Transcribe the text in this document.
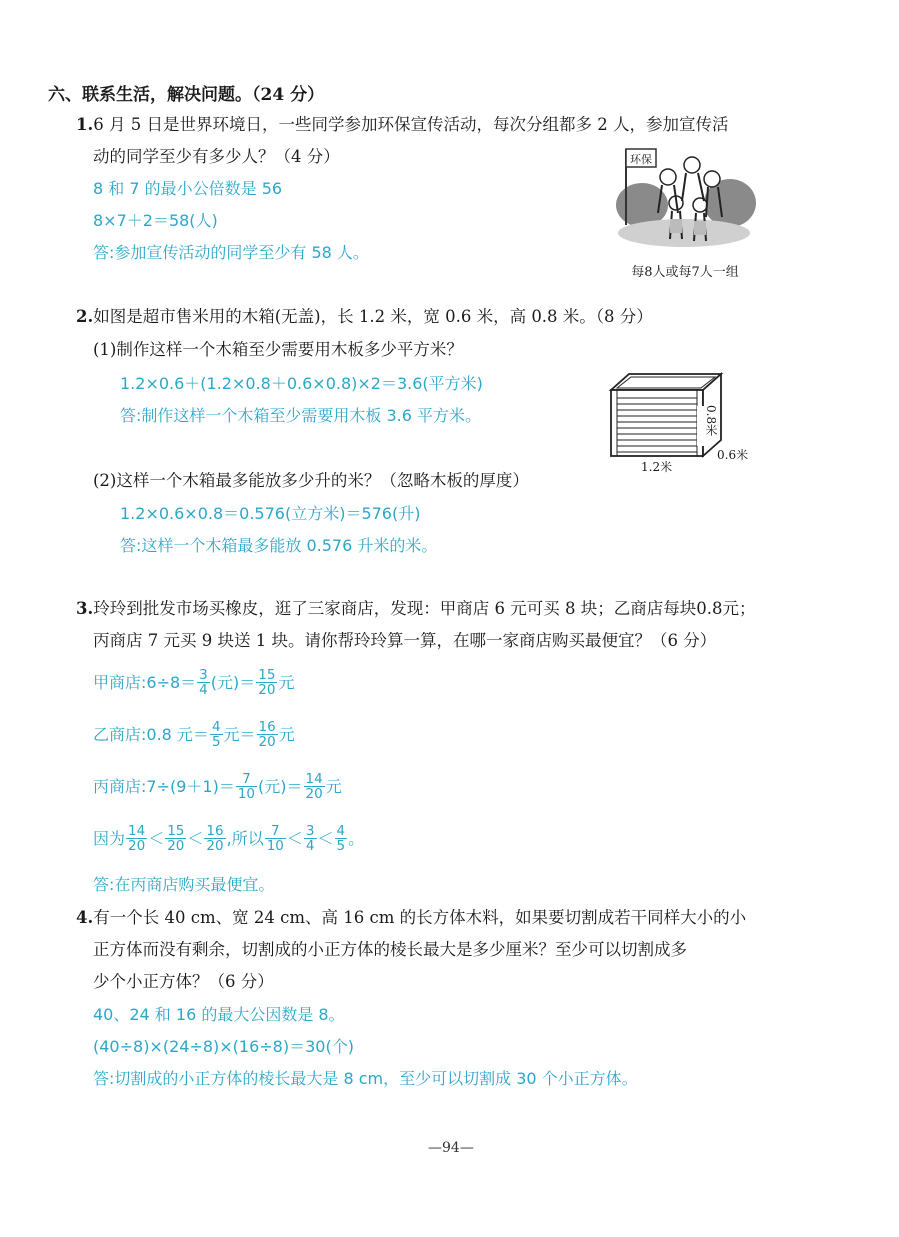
六、联系生活，解决问题。（24 分）
1.6 月 5 日是世界环境日，一些同学参加环保宣传活动，每次分组都多 2 人，参加宣传活
动的同学至少有多少人？（4 分）
8 和 7 的最小公倍数是 56
8×7＋2＝58(人)
答:参加宣传活动的同学至少有 58 人。
环保
每8人或每7人一组
2.如图是超市售米用的木箱(无盖)，长 1.2 米，宽 0.6 米，高 0.8 米。（8 分）
(1)制作这样一个木箱至少需要用木板多少平方米？
1.2×0.6＋(1.2×0.8＋0.6×0.8)×2＝3.6(平方米)
答:制作这样一个木箱至少需要用木板 3.6 平方米。	0.8米
0.6米
1.2米
(2)这样一个木箱最多能放多少升的米？（忽略木板的厚度）
1.2×0.6×0.8＝0.576(立方米)＝576(升)
答:这样一个木箱最多能放 0.576 升米的米。
3.玲玲到批发市场买橡皮，逛了三家商店，发现：甲商店 6 元可买 8 块；乙商店每块0.8元；
丙商店 7 元买 9 块送 1 块。请你帮玲玲算一算，在哪一家商店购买最便宜？（6 分）
甲商店:6÷8＝ $\frac{3}{4}$ (元)＝ $\frac{15}{20}$ 元
乙商店:0.8 元＝ $\frac{4}{5}$ 元＝ $\frac{16}{20}$ 元
丙商店:7÷(9＋1)＝ $\frac{7}{10}$ (元)＝ $\frac{14}{20}$ 元
因为 $\frac{14}{20} < \frac{15}{20} < \frac{16}{20}$ ,所以 $\frac{7}{10} < \frac{3}{4} < \frac{4}{5}$ 。
答:在丙商店购买最便宜。
4.有一个长 40 cm、宽 24 cm、高 16 cm 的长方体木料，如果要切割成若干同样大小的小
正方体而没有剩余，切割成的小正方体的棱长最大是多少厘米？至少可以切割成多
少个小正方体？（6 分）
40、24 和 16 的最大公因数是 8。
(40÷8)×(24÷8)×(16÷8)＝30(个)
答:切割成的小正方体的棱长最大是 8 cm，至少可以切割成 30 个小正方体。
—94—
